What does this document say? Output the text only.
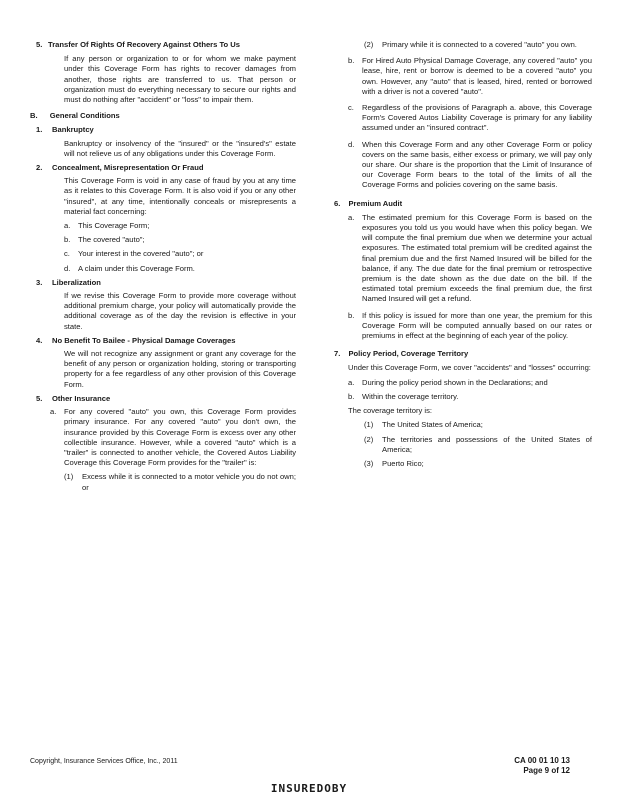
5. Transfer Of Rights Of Recovery Against Others To Us
If any person or organization to or for whom we make payment under this Coverage Form has rights to recover damages from another, those rights are transferred to us. That person or organization must do everything necessary to secure our rights and must do nothing after "accident" or "loss" to impair them.
B. General Conditions
1. Bankruptcy
Bankruptcy or insolvency of the "insured" or the "insured's" estate will not relieve us of any obligations under this Coverage Form.
2. Concealment, Misrepresentation Or Fraud
This Coverage Form is void in any case of fraud by you at any time as it relates to this Coverage Form. It is also void if you or any other "insured", at any time, intentionally conceals or misrepresents a material fact concerning:
a. This Coverage Form;
b. The covered "auto";
c. Your interest in the covered "auto"; or
d. A claim under this Coverage Form.
3. Liberalization
If we revise this Coverage Form to provide more coverage without additional premium charge, your policy will automatically provide the additional coverage as of the day the revision is effective in your state.
4. No Benefit To Bailee - Physical Damage Coverages
We will not recognize any assignment or grant any coverage for the benefit of any person or organization holding, storing or transporting property for a fee regardless of any other provision of this Coverage Form.
5. Other Insurance
a. For any covered "auto" you own, this Coverage Form provides primary insurance. For any covered "auto" you don't own, the insurance provided by this Coverage Form is excess over any other collectible insurance. However, while a covered "auto" which is a "trailer" is connected to another vehicle, the Covered Autos Liability Coverage this Coverage Form provides for the "trailer" is:
(1) Excess while it is connected to a motor vehicle you do not own; or
(2) Primary while it is connected to a covered "auto" you own.
b. For Hired Auto Physical Damage Coverage, any covered "auto" you lease, hire, rent or borrow is deemed to be a covered "auto" you own. However, any "auto" that is leased, hired, rented or borrowed with a driver is not a covered "auto".
c. Regardless of the provisions of Paragraph a. above, this Coverage Form's Covered Autos Liability Coverage is primary for any liability assumed under an "insured contract".
d. When this Coverage Form and any other Coverage Form or policy covers on the same basis, either excess or primary, we will pay only our share. Our share is the proportion that the Limit of Insurance of our Coverage Form bears to the total of the limits of all the Coverage Forms and policies covering on the same basis.
6. Premium Audit
a. The estimated premium for this Coverage Form is based on the exposures you told us you would have when this policy began. We will compute the final premium due when we determine your actual exposures. The estimated total premium will be credited against the final premium due and the first Named Insured will be billed for the balance, if any. The due date for the final premium or retrospective premium is the date shown as the due date on the bill. If the estimated total premium exceeds the final premium due, the first Named Insured will get a refund.
b. If this policy is issued for more than one year, the premium for this Coverage Form will be computed annually based on our rates or premiums in effect at the beginning of each year of the policy.
7. Policy Period, Coverage Territory
Under this Coverage Form, we cover "accidents" and "losses" occurring:
a. During the policy period shown in the Declarations; and
b. Within the coverage territory.
The coverage territory is:
(1) The United States of America;
(2) The territories and possessions of the United States of America;
(3) Puerto Rico;
Copyright, Insurance Services Office, Inc., 2011	CA 00 01 10 13
Page 9 of 12
INSUREDOBY
